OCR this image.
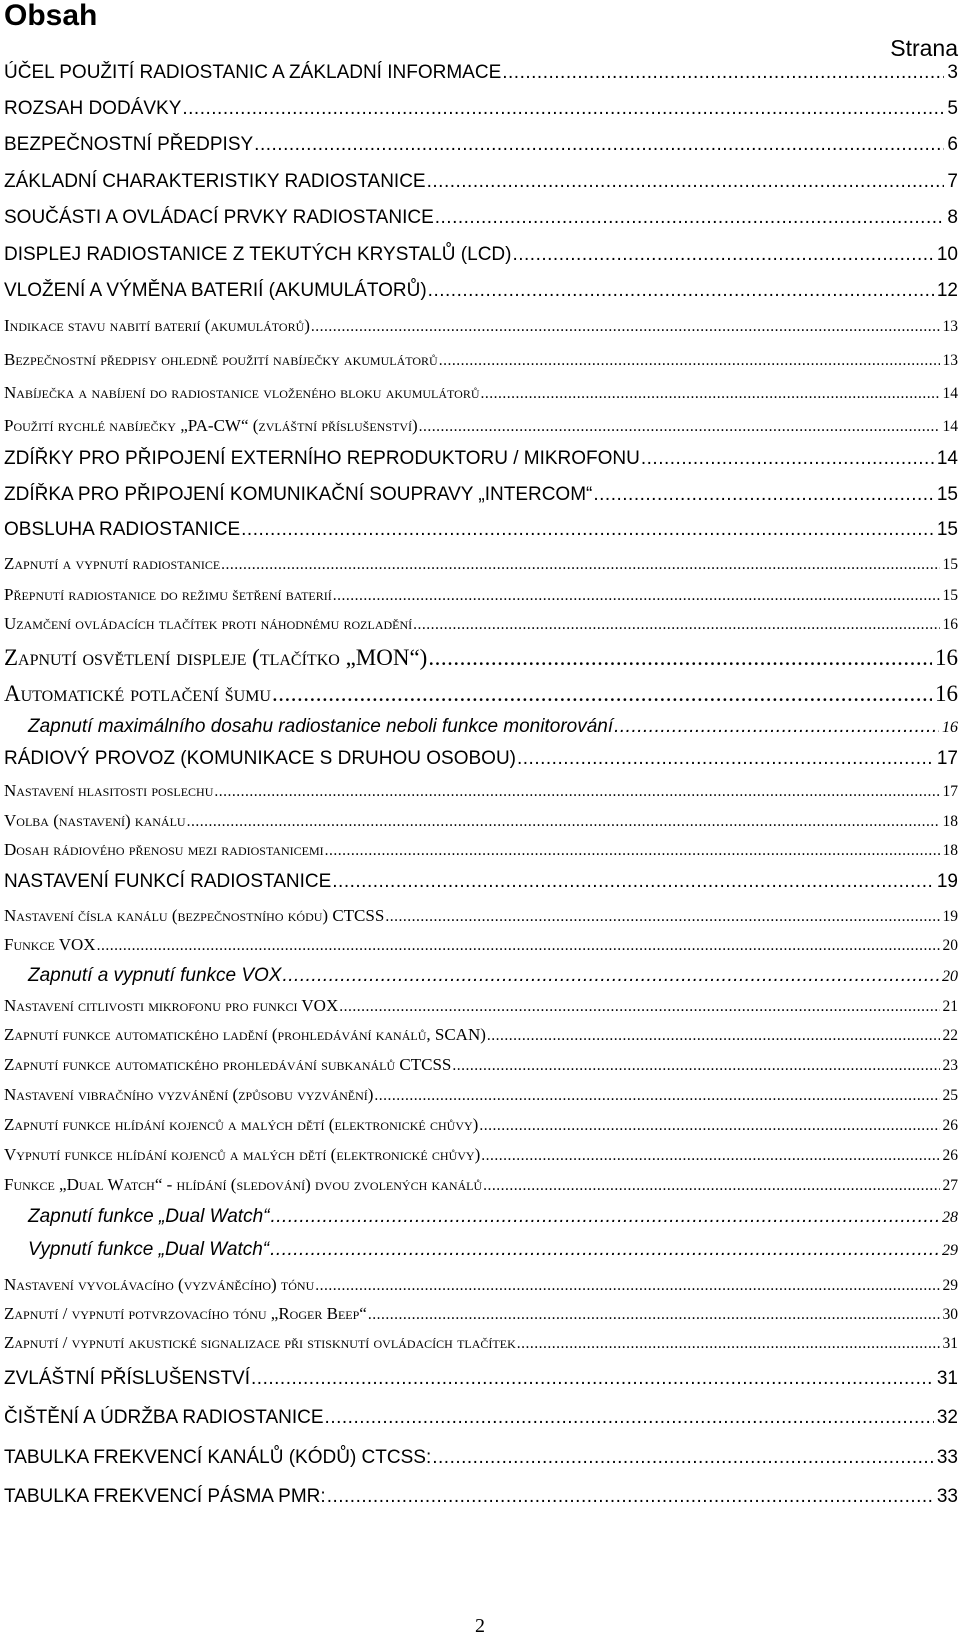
Obsah
Strana
ÚČEL POUŽITÍ RADIOSTANIC A ZÁKLADNÍ INFORMACE .....	3
ROZSAH DODÁVKY .....	5
BEZPEČNOSTNÍ PŘEDPISY .....	6
ZÁKLADNÍ CHARAKTERISTIKY RADIOSTANICE .....	7
SOUČÁSTI A OVLÁDACÍ PRVKY RADIOSTANICE .....	8
DISPLEJ RADIOSTANICE Z TEKUTÝCH KRYSTALŮ (LCD) .....	10
VLOŽENÍ A VÝMĚNA BATERIÍ (AKUMULÁTORŮ) .....	12
Indikace stavu nabití baterií (akumulátorů) .....	13
Bezpečnostní předpisy ohledně použití nabíječky akumulátorů .....	13
Nabíječka a nabíjení do radiostanice vloženého bloku akumulátorů .....	14
Použití rychlé nabíječky „PA-CW“ (zvláštní příslušenství) .....	14
ZDÍŘKY PRO PŘIPOJENÍ EXTERNÍHO REPRODUKTORU / MIKROFONU .....	14
ZDÍŘKA PRO PŘIPOJENÍ KOMUNIKAČNÍ SOUPRAVY „INTERCOM“ .....	15
OBSLUHA RADIOSTANICE .....	15
Zapnutí a vypnutí radiostanice .....	15
Přepnutí radiostanice do režimu šetření baterií .....	15
Uzamčení ovládacích tlačítek proti náhodnému rozladění .....	16
Zapnutí osvětlení displeje (tlačítko „MON“) .....	16
Automatické potlačení šumu .....	16
Zapnutí maximálního dosahu radiostanice neboli funkce monitorování .....	16
RÁDIOVÝ PROVOZ (KOMUNIKACE S DRUHOU OSOBOU) .....	17
Nastavení hlasitosti poslechu .....	17
Volba (nastavení) kanálu .....	18
Dosah rádiového přenosu mezi radiostanicemi .....	18
NASTAVENÍ FUNKCÍ RADIOSTANICE .....	19
Nastavení čísla kanálu (bezpečnostního kódu) CTCSS .....	19
Funkce VOX .....	20
Zapnutí a vypnutí funkce VOX .....	20
Nastavení citlivosti mikrofonu pro funkci VOX .....	21
Zapnutí funkce automatického ladění (prohledávání kanálů, SCAN) .....	22
Zapnutí funkce automatického prohledávání subkanálů CTCSS .....	23
Nastavení vibračního vyzvánění (způsobu vyzvánění) .....	25
Zapnutí funkce hlídání kojenců a malých dětí (elektronické chůvy) .....	26
Vypnutí funkce hlídání kojenců a malých dětí (elektronické chůvy) .....	26
Funkce „Dual Watch“ - hlídání (sledování) dvou zvolených kanálů .....	27
Zapnutí funkce „Dual Watch“ .....	28
Vypnutí funkce „Dual Watch“ .....	29
Nastavení vyvolávacího (vyzváněcího) tónu .....	29
Zapnutí / vypnutí potvrzovacího tónu „Roger Beep“ .....	30
Zapnutí / vypnutí akustické signalizace při stisknutí ovládacích tlačítek .....	31
ZVLÁŠTNÍ PŘÍSLUŠENSTVÍ .....	31
ČIŠTĚNÍ A ÚDRŽBA RADIOSTANICE .....	32
TABULKA FREKVENCÍ KANÁLŮ (KÓDŮ) CTCSS: .....	33
TABULKA FREKVENCÍ PÁSMA PMR: .....	33
2
